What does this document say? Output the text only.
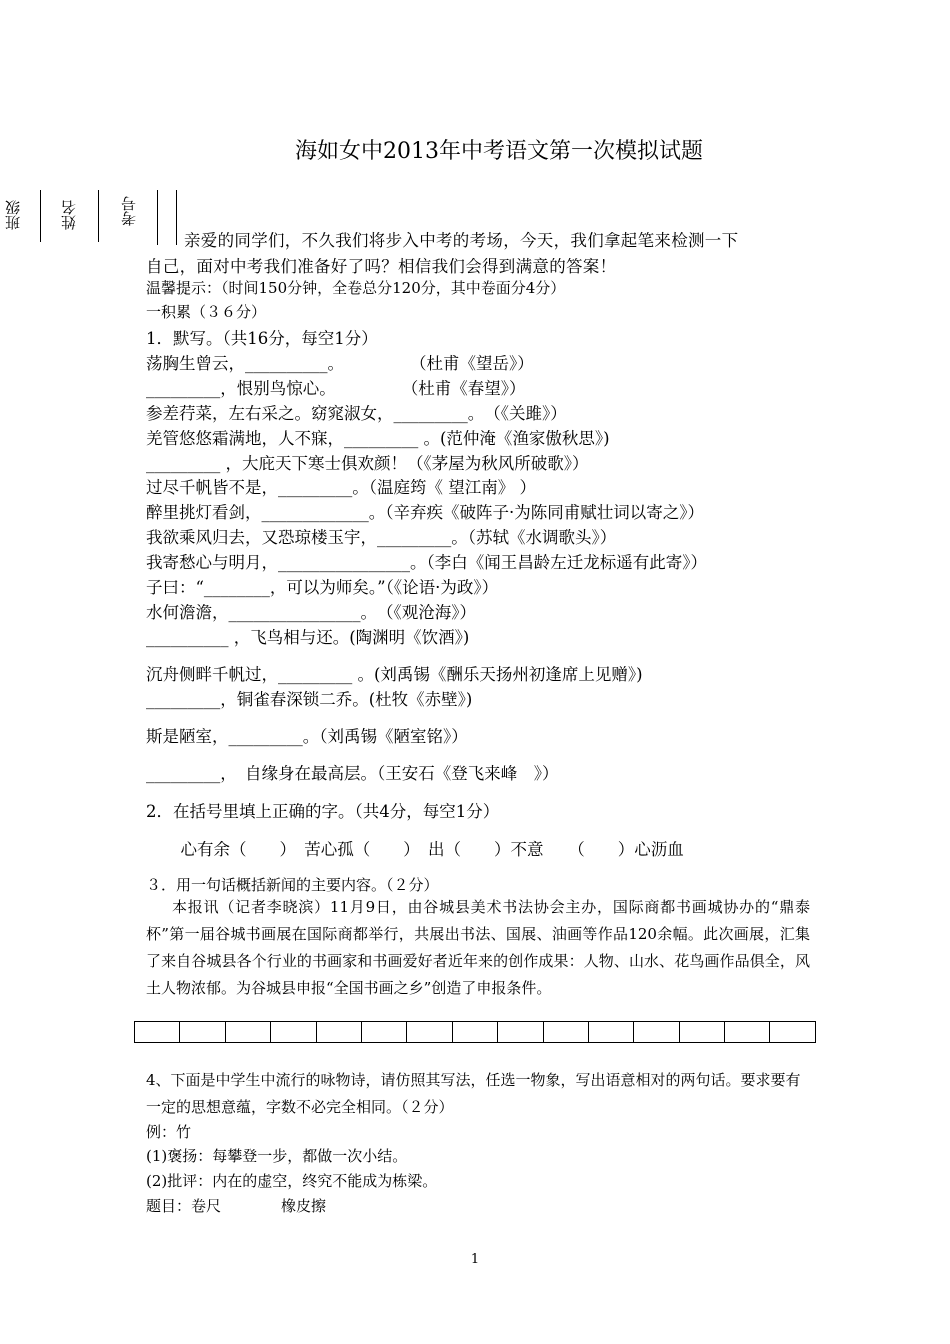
海如女中2013年中考语文第一次模拟试题
班级	姓名	考号
亲爱的同学们，不久我们将步入中考的考场，今天，我们拿起笔来检测一下
自己，面对中考我们准备好了吗？相信我们会得到满意的答案！
温馨提示：（时间150分钟，全卷总分120分，其中卷面分4分）
一积累（３６分）
1．默写。（共16分，每空1分）
荡胸生曾云，__________。　　　　　（杜甫《望岳》）
_________，恨别鸟惊心。　　　　　（杜甫《春望》）
参差荇菜，左右采之。窈窕淑女，_________。　（《关雎》）
羌管悠悠霜满地，人不寐，_________ 。(范仲淹《渔家傲秋思》)
_________ ，大庇天下寒士俱欢颜！（《茅屋为秋风所破歌》）
过尽千帆皆不是，_________。（温庭筠《 望江南》 ）
醉里挑灯看剑，_____________。（辛弃疾《破阵子·为陈同甫赋壮词以寄之》）
我欲乘风归去，又恐琼楼玉宇，_________。（苏轼《水调歌头》）
我寄愁心与明月，________________。（李白《闻王昌龄左迁龙标遥有此寄》）
子曰：“________，可以为师矣。”（《论语·为政》）
水何澹澹，________________。　（《观沧海》）
__________ ，飞鸟相与还。(陶渊明《饮酒》)
沉舟侧畔千帆过，_________ 。(刘禹锡《酬乐天扬州初逢席上见赠》)
_________，铜雀春深锁二乔。(杜牧《赤壁》)
斯是陋室，_________。（刘禹锡《陋室铭》）
_________，　自缘身在最高层。（王安石《登飞来峰　》）
2．在括号里填上正确的字。（共4分，每空1分）
　心有余（　　）　苦心孤（　　）　出（　　）不意　　（　　）心沥血
３．用一句话概括新闻的主要内容。（２分）
本报讯（记者李晓滨）11月9日，由谷城县美术书法协会主办，国际商都书画城协办的“鼎泰杯”第一届谷城书画展在国际商都举行，共展出书法、国展、油画等作品120余幅。此次画展，汇集了来自谷城县各个行业的书画家和书画爱好者近年来的创作成果：人物、山水、花鸟画作品俱全，风土人物浓郁。为谷城县申报“全国书画之乡”创造了申报条件。

4、下面是中学生中流行的咏物诗，请仿照其写法，任选一物象，写出语意相对的两句话。要求要有一定的思想意蕴，字数不必完全相同。（２分）
例：竹
(1)褒扬：每攀登一步，都做一次小结。
(2)批评：内在的虚空，终究不能成为栋梁。
题目：卷尺　　　　橡皮擦
1
